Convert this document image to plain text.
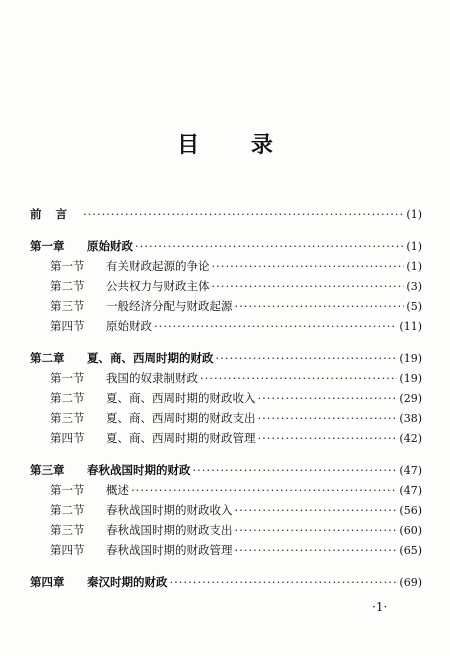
目 录
前言 ·····	(1)
第一章	原始财政 ·····	(1)
第一节	有关财政起源的争论 ·····	(1)
第二节	公共权力与财政主体 ·····	(3)
第三节	一般经济分配与财政起源 ·····	(5)
第四节	原始财政 ·····	(11)
第二章	夏、商、西周时期的财政 ·····	(19)
第一节	我国的奴隶制财政 ·····	(19)
第二节	夏、商、西周时期的财政收入 ·····	(29)
第三节	夏、商、西周时期的财政支出 ·····	(38)
第四节	夏、商、西周时期的财政管理 ·····	(42)
第三章	春秋战国时期的财政 ·····	(47)
第一节	概述 ·····	(47)
第二节	春秋战国时期的财政收入 ·····	(56)
第三节	春秋战国时期的财政支出 ·····	(60)
第四节	春秋战国时期的财政管理 ·····	(65)
第四章	秦汉时期的财政 ·····	(69)
·1·
